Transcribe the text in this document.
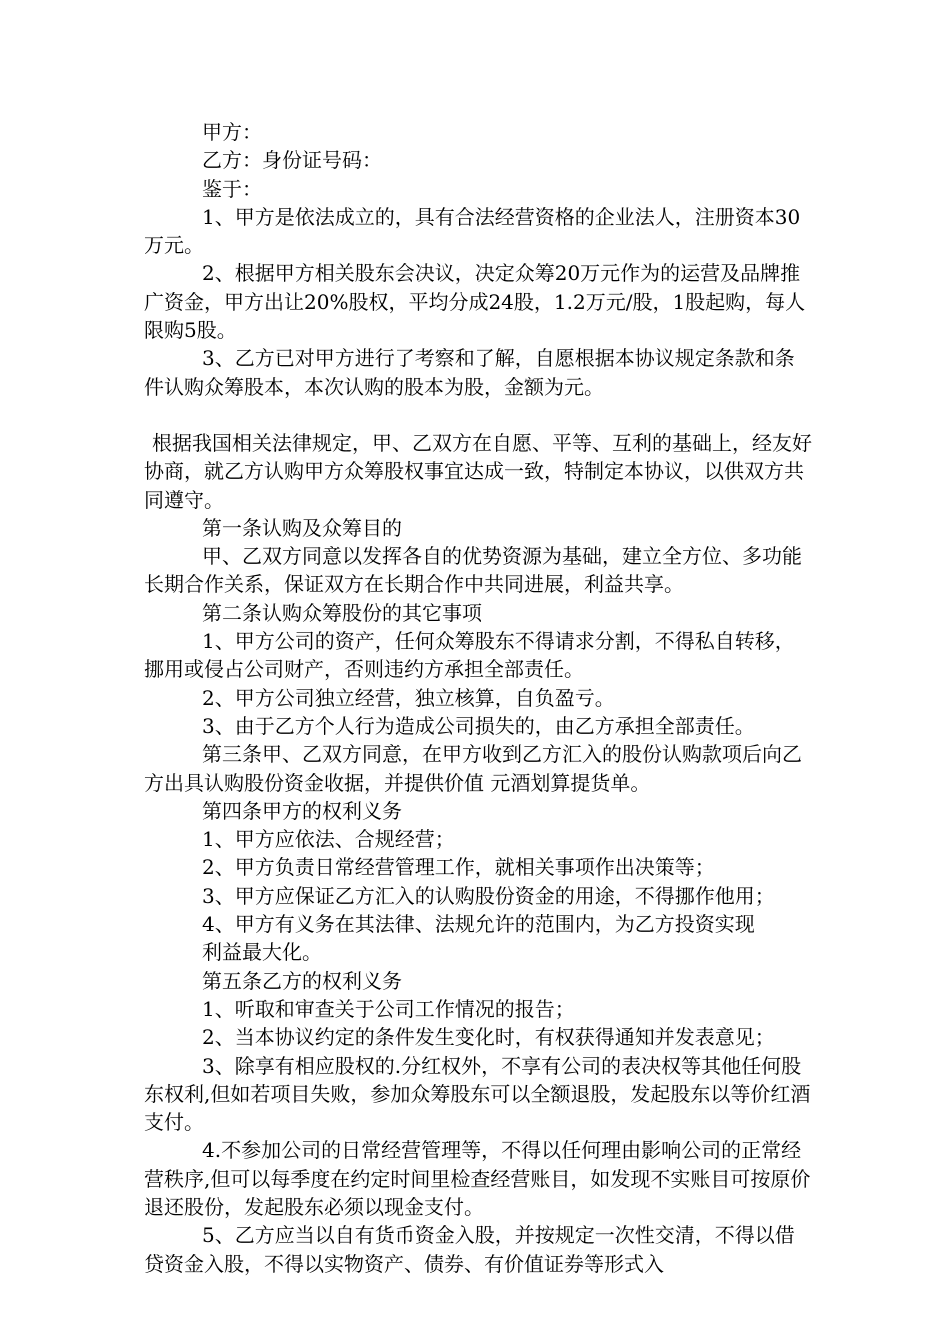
甲方：

乙方：身份证号码：

鉴于：

1、甲方是依法成立的，具有合法经营资格的企业法人，注册资本30万元。

2、根据甲方相关股东会决议，决定众筹20万元作为的运营及品牌推广资金，甲方出让20%股权，平均分成24股，1.2万元/股，1股起购，每人限购5股。

3、乙方已对甲方进行了考察和了解，自愿根据本协议规定条款和条件认购众筹股本，本次认购的股本为股，金额为元。

根据我国相关法律规定，甲、乙双方在自愿、平等、互利的基础上，经友好协商，就乙方认购甲方众筹股权事宜达成一致，特制定本协议，以供双方共同遵守。

第一条认购及众筹目的

甲、乙双方同意以发挥各自的优势资源为基础，建立全方位、多功能长期合作关系，保证双方在长期合作中共同进展，利益共享。

第二条认购众筹股份的其它事项

1、甲方公司的资产，任何众筹股东不得请求分割，不得私自转移，挪用或侵占公司财产，否则违约方承担全部责任。

2、甲方公司独立经营，独立核算，自负盈亏。

3、由于乙方个人行为造成公司损失的，由乙方承担全部责任。

第三条甲、乙双方同意，在甲方收到乙方汇入的股份认购款项后向乙方出具认购股份资金收据，并提供价值 元酒划算提货单。

第四条甲方的权利义务

1、甲方应依法、合规经营；

2、甲方负责日常经营管理工作，就相关事项作出决策等；

3、甲方应保证乙方汇入的认购股份资金的用途，不得挪作他用；

4、甲方有义务在其法律、法规允许的范围内，为乙方投资实现

利益最大化。

第五条乙方的权利义务

1、听取和审查关于公司工作情况的报告；

2、当本协议约定的条件发生变化时，有权获得通知并发表意见；

3、除享有相应股权的.分红权外，不享有公司的表决权等其他任何股东权利,但如若项目失败，参加众筹股东可以全额退股，发起股东以等价红酒支付。

4.不参加公司的日常经营管理等，不得以任何理由影响公司的正常经营秩序,但可以每季度在约定时间里检查经营账目，如发现不实账目可按原价退还股份，发起股东必须以现金支付。

5、乙方应当以自有货币资金入股，并按规定一次性交清，不得以借贷资金入股，不得以实物资产、债券、有价值证券等形式入
